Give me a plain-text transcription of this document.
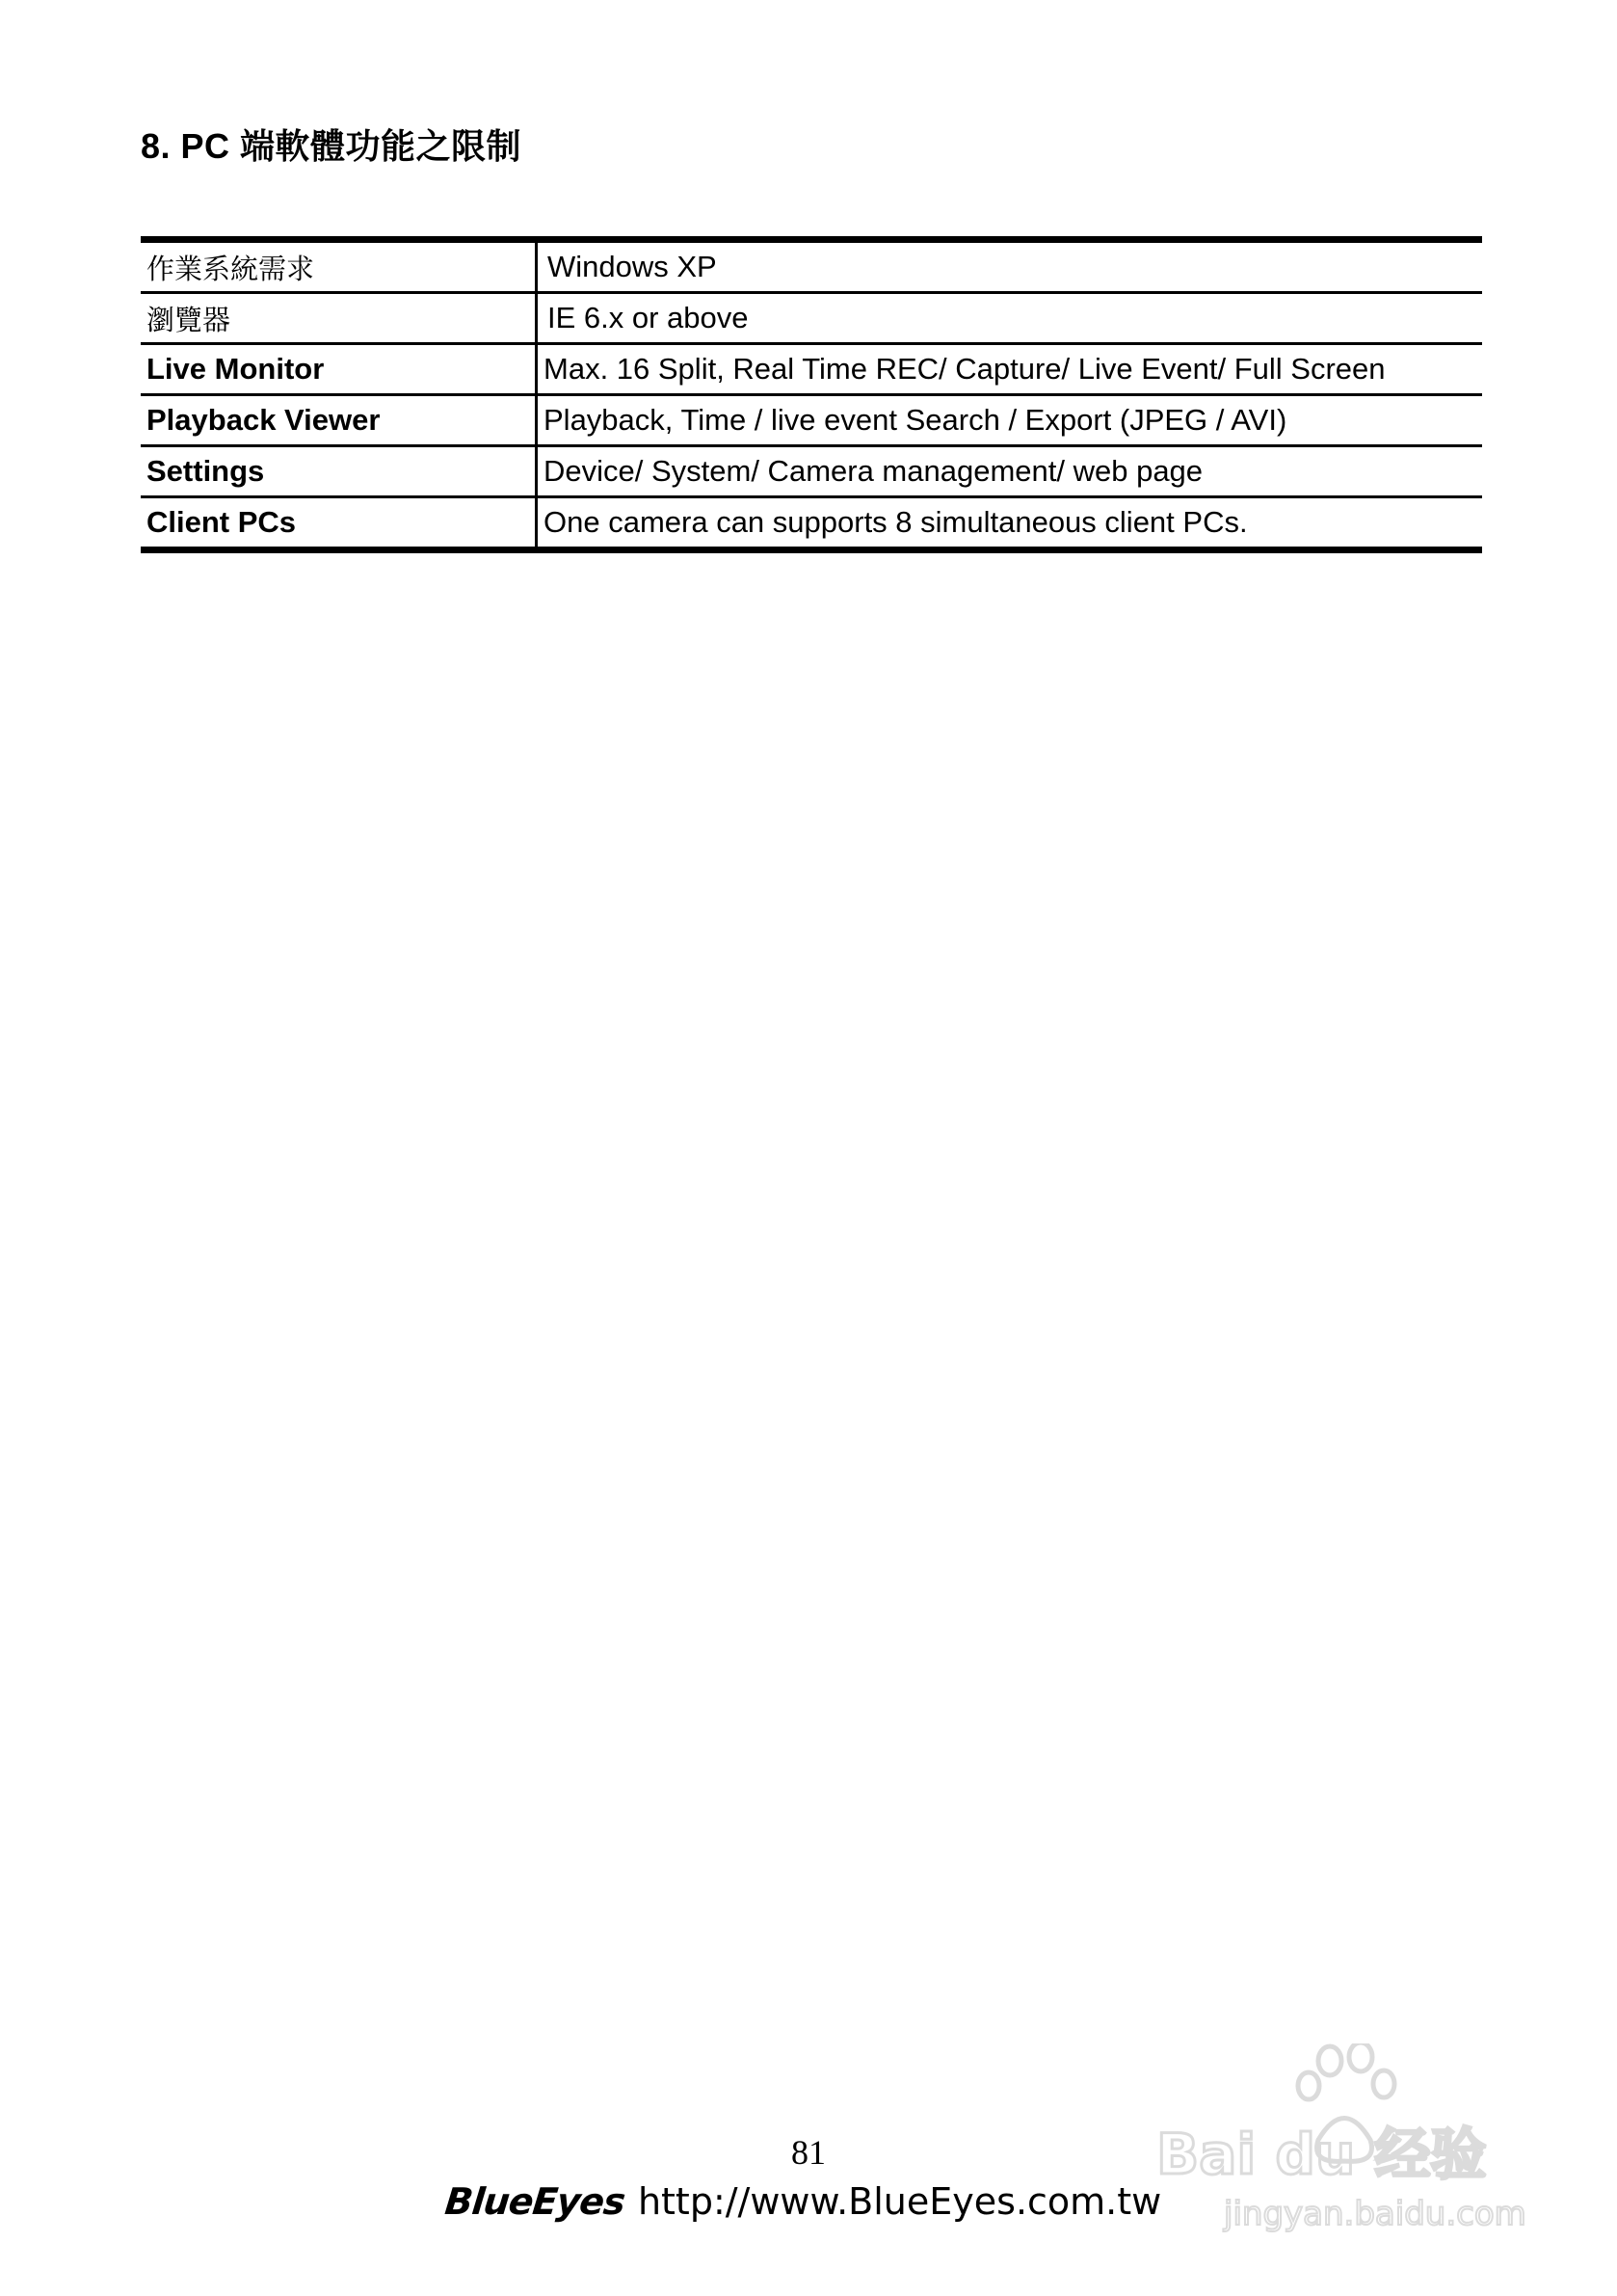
8. PC 端軟體功能之限制
作業系統需求	Windows XP
瀏覽器	IE 6.x or above
Live Monitor	Max. 16 Split, Real Time REC/ Capture/ Live Event/ Full Screen
Playback Viewer	Playback, Time / live event Search / Export (JPEG / AVI)
Settings	Device/ System/ Camera management/ web page
Client PCs	One camera can supports 8 simultaneous client PCs.

81

BlueEyes http://www.BlueEyes.com.tw
Bai du 经验
jingyan.baidu.com
